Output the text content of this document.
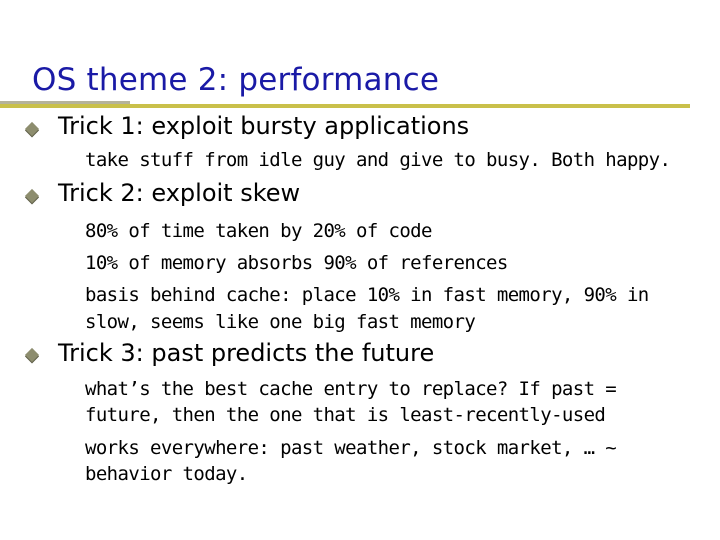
OS theme 2: performance
Trick 1: exploit bursty applications
take stuff from idle guy and give to busy. Both happy.
Trick 2: exploit skew
80% of time taken by 20% of code
10% of memory absorbs 90% of references
basis behind cache: place 10% in fast memory, 90% in
slow, seems like one big fast memory
Trick 3: past predicts the future
what’s the best cache entry to replace? If past =
future, then the one that is least-recently-used
works everywhere: past weather, stock market, … ~
behavior today.
